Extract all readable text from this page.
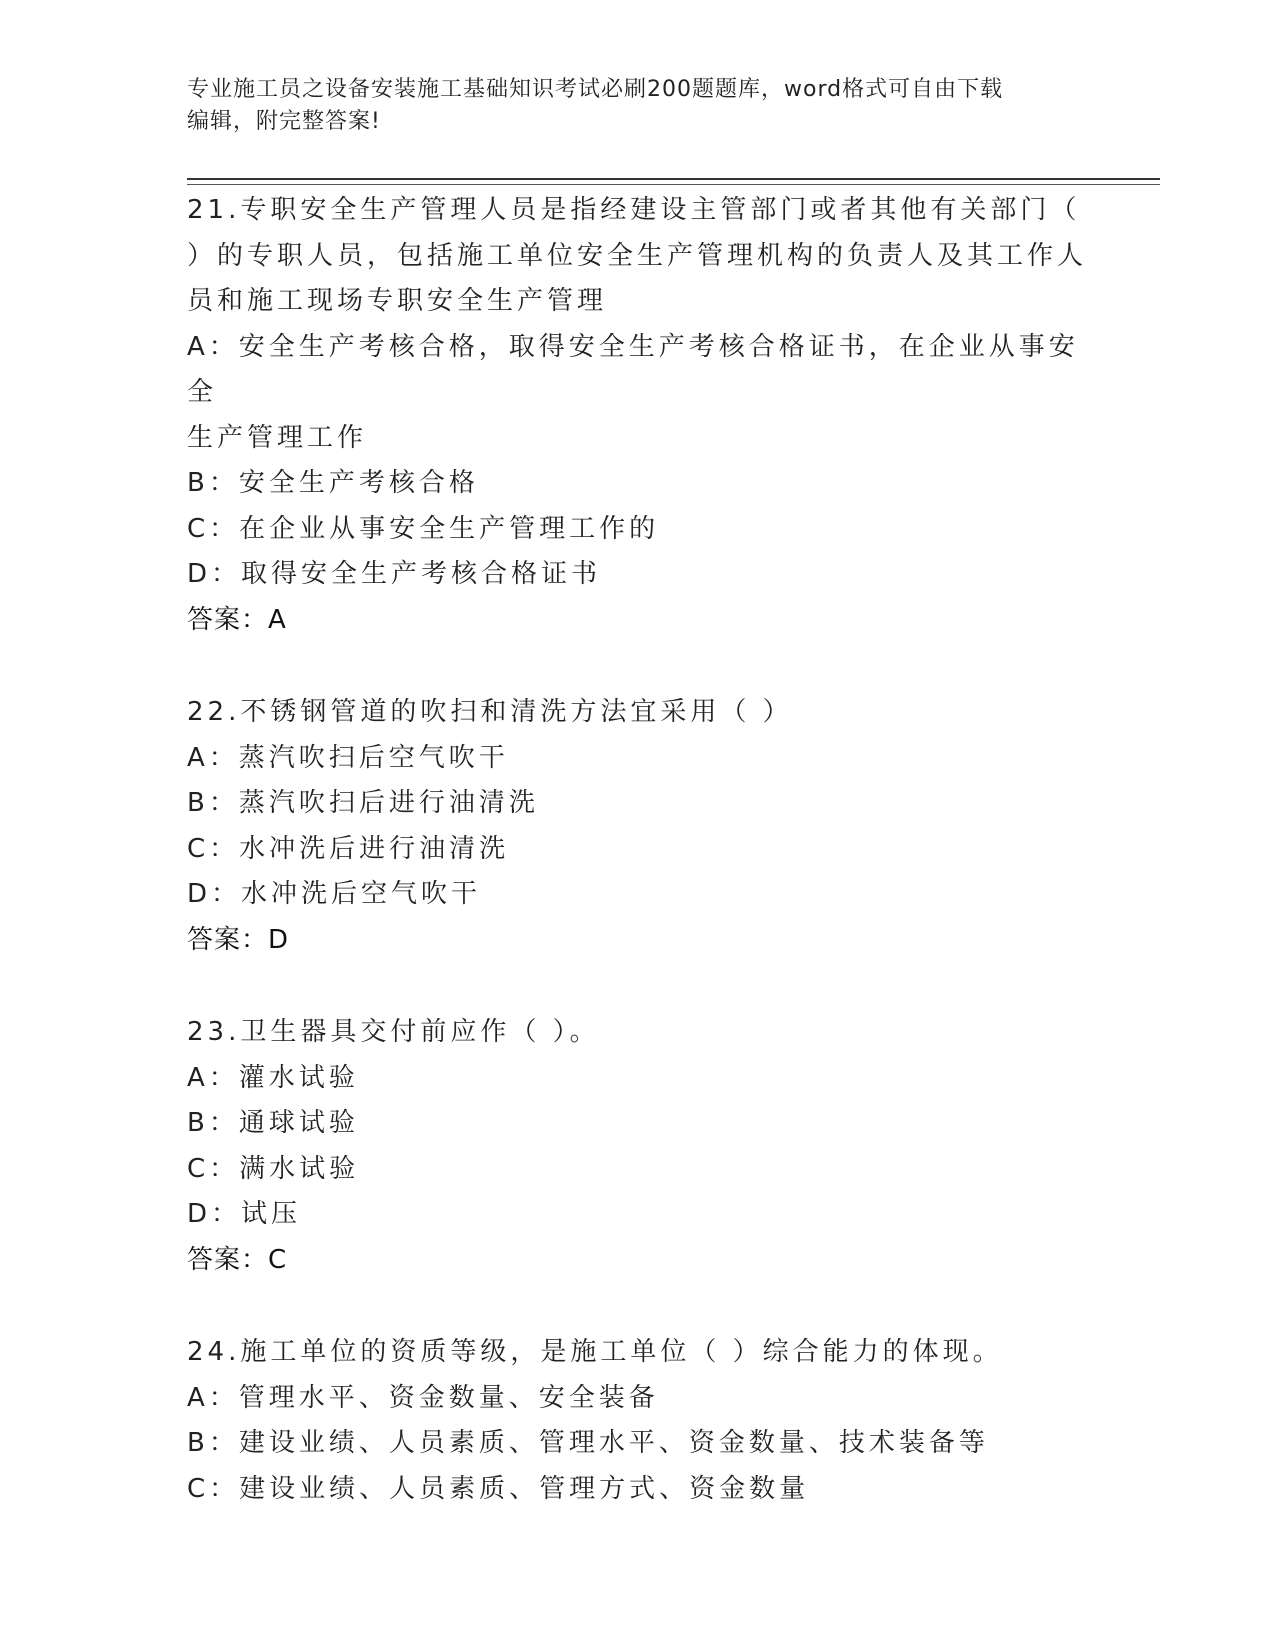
专业施工员之设备安装施工基础知识考试必刷200题题库，word格式可自由下载
编辑，附完整答案!

21.专职安全生产管理人员是指经建设主管部门或者其他有关部门（

）的专职人员，包括施工单位安全生产管理机构的负责人及其工作人

员和施工现场专职安全生产管理

A：安全生产考核合格，取得安全生产考核合格证书，在企业从事安全

生产管理工作

B：安全生产考核合格

C：在企业从事安全生产管理工作的

D：取得安全生产考核合格证书

答案：A

22.不锈钢管道的吹扫和清洗方法宜采用（ ）

A：蒸汽吹扫后空气吹干

B：蒸汽吹扫后进行油清洗

C：水冲洗后进行油清洗

D：水冲洗后空气吹干

答案：D

23.卫生器具交付前应作（ ）。

A：灌水试验

B：通球试验

C：满水试验

D：试压

答案：C

24.施工单位的资质等级，是施工单位（ ）综合能力的体现。

A：管理水平、资金数量、安全装备

B：建设业绩、人员素质、管理水平、资金数量、技术装备等

C：建设业绩、人员素质、管理方式、资金数量
